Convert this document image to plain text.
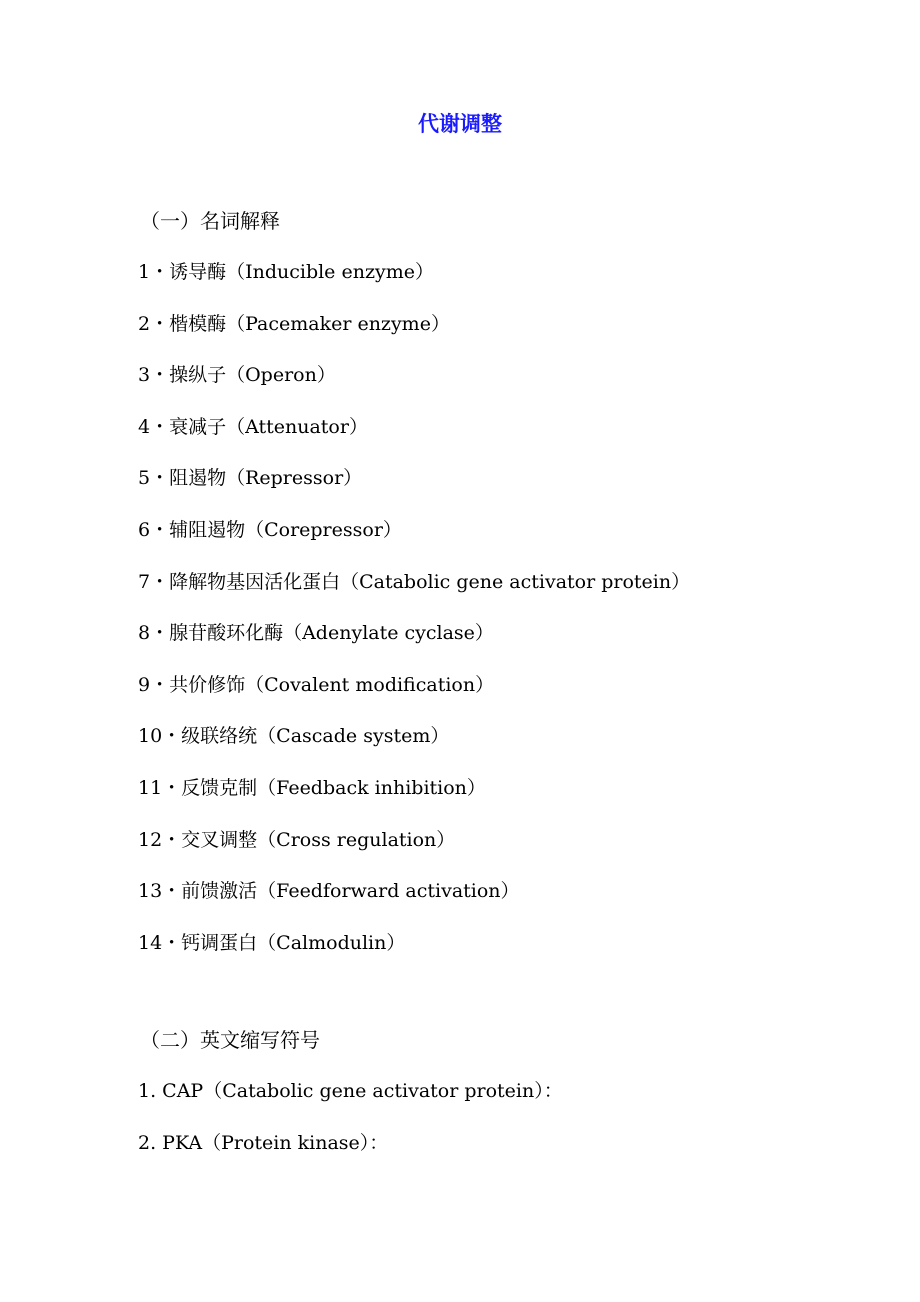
代谢调整
（一）名词解释
1・诱导酶（Inducible enzyme）
2・楷模酶（Pacemaker enzyme）
3・操纵子（Operon）
4・衰减子（Attenuator）
5・阻遏物（Repressor）
6・辅阻遏物（Corepressor）
7・降解物基因活化蛋白（Catabolic gene activator protein）
8・腺苷酸环化酶（Adenylate cyclase）
9・共价修饰（Covalent modification）
10・级联络统（Cascade system）
11・反馈克制（Feedback inhibition）
12・交叉调整（Cross regulation）
13・前馈激活（Feedforward activation）
14・钙调蛋白（Calmodulin）
（二）英文缩写符号
1. CAP（Catabolic gene activator protein）：
2. PKA（Protein kinase）：
